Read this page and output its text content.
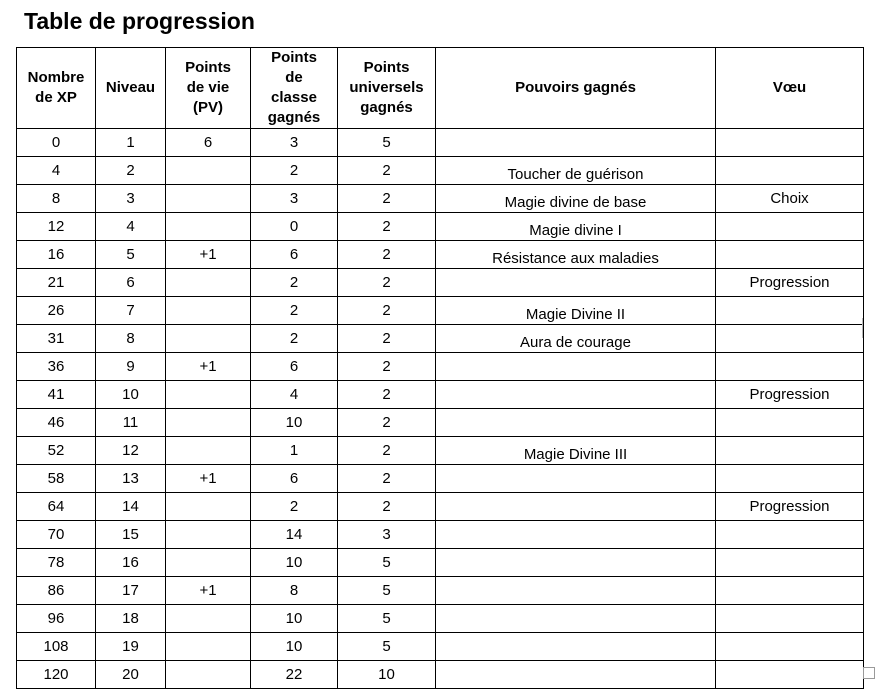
Table de progression
Nombre
de XP	Niveau	Points
de vie
(PV)	Points
de
classe
gagnés	Points
universels
gagnés	Pouvoirs gagnés	Vœu
0	1	6	3	5		
4	2		2	2	Toucher de guérison	
8	3		3	2	Magie divine de base	Choix
12	4		0	2	Magie divine I	
16	5	+1	6	2	Résistance aux maladies	
21	6		2	2		Progression
26	7		2	2	Magie Divine II	
31	8		2	2	Aura de courage	
36	9	+1	6	2		
41	10		4	2		Progression
46	11		10	2		
52	12		1	2	Magie Divine III	
58	13	+1	6	2		
64	14		2	2		Progression
70	15		14	3		
78	16		10	5		
86	17	+1	8	5		
96	18		10	5		
108	19		10	5		
120	20		22	10		
